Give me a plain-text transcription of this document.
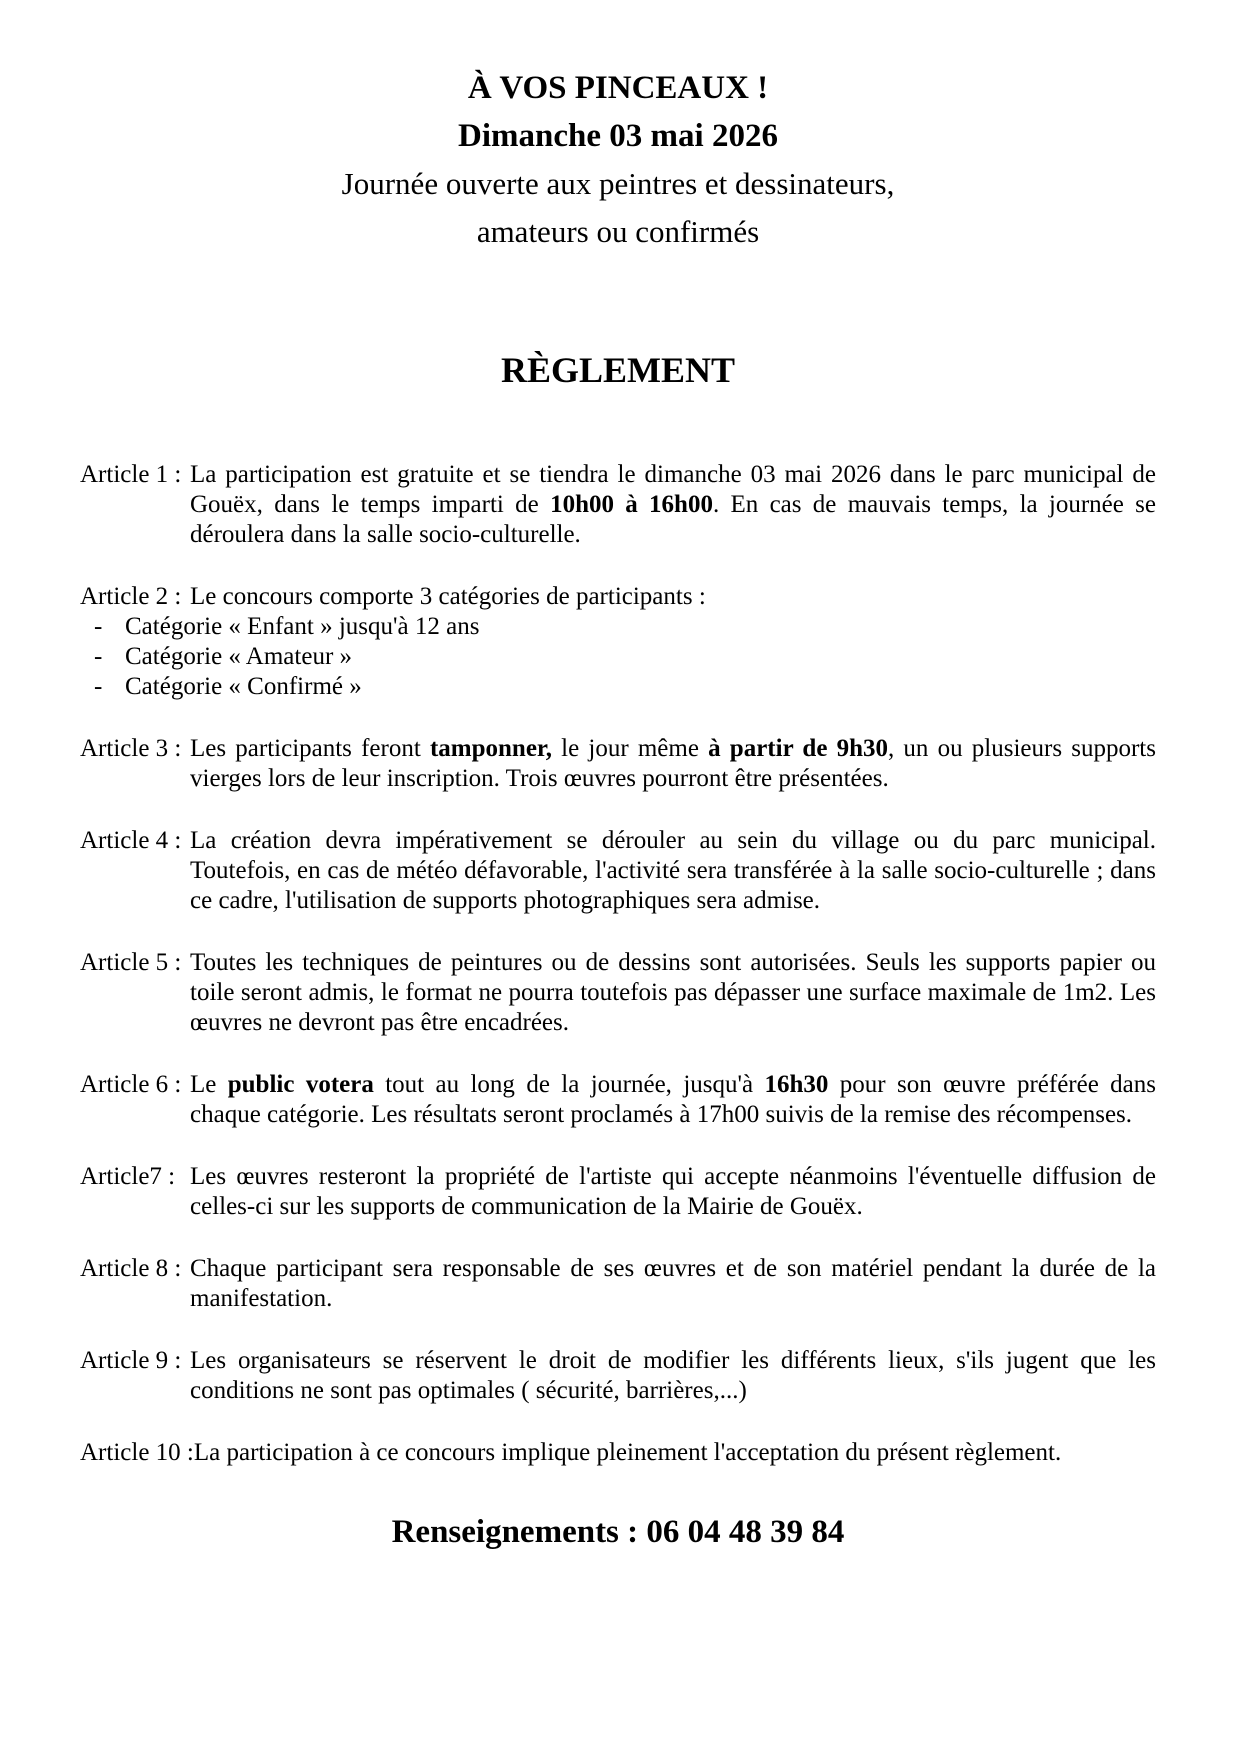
À VOS PINCEAUX !
Dimanche 03 mai 2026
Journée ouverte aux peintres et dessinateurs,
amateurs ou confirmés
RÈGLEMENT
Article 1 : La participation est gratuite et se tiendra le dimanche 03 mai 2026 dans le parc municipal de Gouëx, dans le temps imparti de 10h00 à 16h00. En cas de mauvais temps, la journée se déroulera dans la salle socio-culturelle.
Article 2 : Le concours comporte 3 catégories de participants :
- Catégorie « Enfant » jusqu'à 12 ans
- Catégorie « Amateur »
- Catégorie « Confirmé »
Article 3 : Les participants feront tamponner, le jour même à partir de 9h30, un ou plusieurs supports vierges lors de leur inscription. Trois œuvres pourront être présentées.
Article 4 : La création devra impérativement se dérouler au sein du village ou du parc municipal. Toutefois, en cas de météo défavorable, l'activité sera transférée à la salle socio-culturelle ; dans ce cadre, l'utilisation de supports photographiques sera admise.
Article 5 : Toutes les techniques de peintures ou de dessins sont autorisées. Seuls les supports papier ou toile seront admis, le format ne pourra toutefois pas dépasser une surface maximale de 1m2. Les œuvres ne devront pas être encadrées.
Article 6 : Le public votera tout au long de la journée, jusqu'à 16h30 pour son œuvre préférée dans chaque catégorie. Les résultats seront proclamés à 17h00 suivis de la remise des récompenses.
Article7 : Les œuvres resteront la propriété de l'artiste qui accepte néanmoins l'éventuelle diffusion de celles-ci sur les supports de communication de la Mairie de Gouëx.
Article 8 : Chaque participant sera responsable de ses œuvres et de son matériel pendant la durée de la manifestation.
Article 9 : Les organisateurs se réservent le droit de modifier les différents lieux, s'ils jugent que les conditions ne sont pas optimales ( sécurité, barrières,...)
Article 10 : La participation à ce concours implique pleinement l'acceptation du présent règlement.
Renseignements : 06 04 48 39 84
